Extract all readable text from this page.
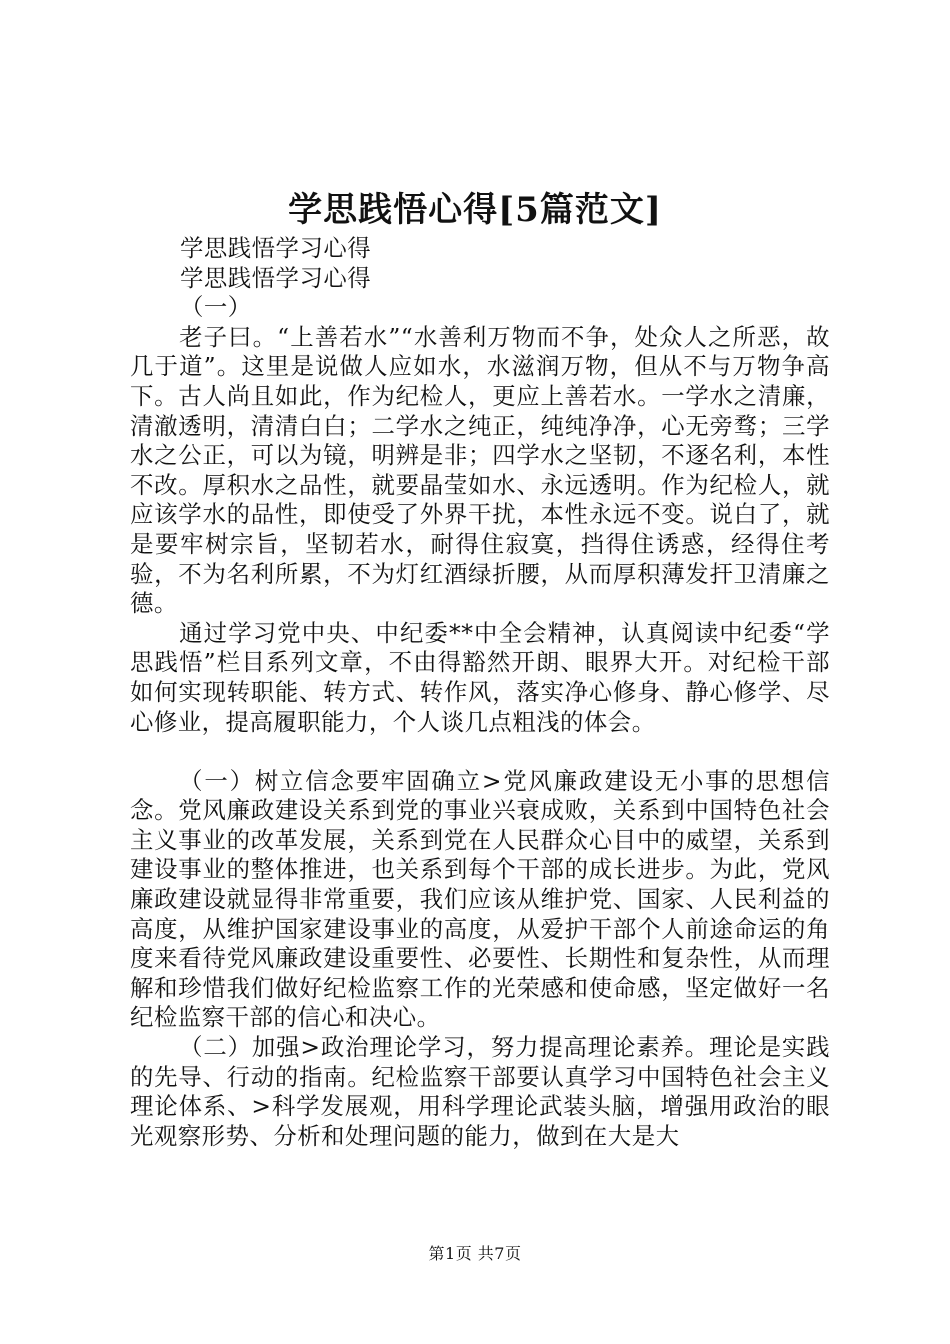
学思践悟心得[5篇范文]

学思践悟学习心得

学思践悟学习心得

（一）

老子曰。“上善若水”“水善利万物而不争，处众人之所恶，故几于道”。这里是说做人应如水，水滋润万物，但从不与万物争高下。古人尚且如此，作为纪检人，更应上善若水。一学水之清廉，清澈透明，清清白白；二学水之纯正，纯纯净净，心无旁骛；三学水之公正，可以为镜，明辨是非；四学水之坚韧，不逐名利，本性不改。厚积水之品性，就要晶莹如水、永远透明。作为纪检人，就应该学水的品性，即使受了外界干扰，本性永远不变。说白了，就是要牢树宗旨，坚韧若水，耐得住寂寞，挡得住诱惑，经得住考验，不为名利所累，不为灯红酒绿折腰，从而厚积薄发扞卫清廉之德。

通过学习党中央、中纪委**中全会精神，认真阅读中纪委“学思践悟”栏目系列文章，不由得豁然开朗、眼界大开。对纪检干部如何实现转职能、转方式、转作风，落实净心修身、静心修学、尽心修业，提高履职能力，个人谈几点粗浅的体会。

（一）树立信念要牢固确立>党风廉政建设无小事的思想信念。党风廉政建设关系到党的事业兴衰成败，关系到中国特色社会主义事业的改革发展，关系到党在人民群众心目中的威望，关系到建设事业的整体推进，也关系到每个干部的成长进步。为此，党风廉政建设就显得非常重要，我们应该从维护党、国家、人民利益的高度，从维护国家建设事业的高度，从爱护干部个人前途命运的角度来看待党风廉政建设重要性、必要性、长期性和复杂性，从而理解和珍惜我们做好纪检监察工作的光荣感和使命感，坚定做好一名纪检监察干部的信心和决心。

（二）加强>政治理论学习，努力提高理论素养。理论是实践的先导、行动的指南。纪检监察干部要认真学习中国特色社会主义理论体系、>科学发展观，用科学理论武装头脑，增强用政治的眼光观察形势、分析和处理问题的能力，做到在大是大

第1页 共7页
